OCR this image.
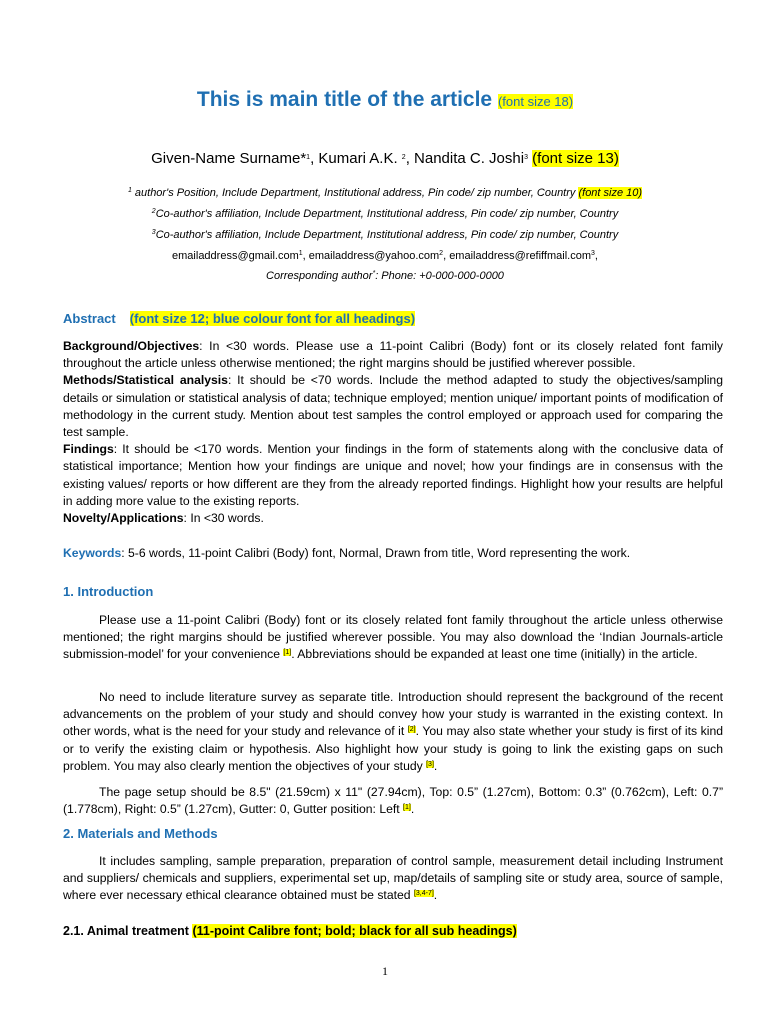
This is main title of the article (font size 18)
Given-Name Surname*$^1$, Kumari A.K. $^2$, Nandita C. Joshi$^3$ (font size 13)
$^1$ author's Position, Include Department, Institutional address, Pin code/ zip number, Country (font size 10)
$^2$Co-author's affiliation, Include Department, Institutional address, Pin code/ zip number, Country
$^3$Co-author's affiliation, Include Department, Institutional address, Pin code/ zip number, Country
emailaddress@gmail.com$^1$, emailaddress@yahoo.com$^2$, emailaddress@refiffmail.com$^3$,
Corresponding author*: Phone: +0-000-000-0000
Abstract (font size 12; blue colour font for all headings)
Background/Objectives: In <30 words. Please use a 11-point Calibri (Body) font or its closely related font family throughout the article unless otherwise mentioned; the right margins should be justified wherever possible.
Methods/Statistical analysis: It should be <70 words. Include the method adapted to study the objectives/sampling details or simulation or statistical analysis of data; technique employed; mention unique/ important points of modification of methodology in the current study. Mention about test samples the control employed or approach used for comparing the test sample.
Findings: It should be <170 words. Mention your findings in the form of statements along with the conclusive data of statistical importance; Mention how your findings are unique and novel; how your findings are in consensus with the existing values/ reports or how different are they from the already reported findings. Highlight how your results are helpful in adding more value to the existing reports.
Novelty/Applications: In <30 words.
Keywords: 5-6 words, 11-point Calibri (Body) font, Normal, Drawn from title, Word representing the work.
1. Introduction
Please use a 11-point Calibri (Body) font or its closely related font family throughout the article unless otherwise mentioned; the right margins should be justified wherever possible. You may also download the ‘Indian Journals-article submission-model’ for your convenience [1]. Abbreviations should be expanded at least one time (initially) in the article.
No need to include literature survey as separate title. Introduction should represent the background of the recent advancements on the problem of your study and should convey how your study is warranted in the existing context. In other words, what is the need for your study and relevance of it [2]. You may also state whether your study is first of its kind or to verify the existing claim or hypothesis. Also highlight how your study is going to link the existing gaps on such problem. You may also clearly mention the objectives of your study [3].
The page setup should be 8.5" (21.59cm) x 11" (27.94cm), Top: 0.5” (1.27cm), Bottom: 0.3” (0.762cm), Left: 0.7” (1.778cm), Right: 0.5” (1.27cm), Gutter: 0, Gutter position: Left [1].
2. Materials and Methods
It includes sampling, sample preparation, preparation of control sample, measurement detail including Instrument and suppliers/ chemicals and suppliers, experimental set up, map/details of sampling site or study area, source of sample, where ever necessary ethical clearance obtained must be stated [3,4-7].
2.1. Animal treatment (11-point Calibre font; bold; black for all sub headings)
1
